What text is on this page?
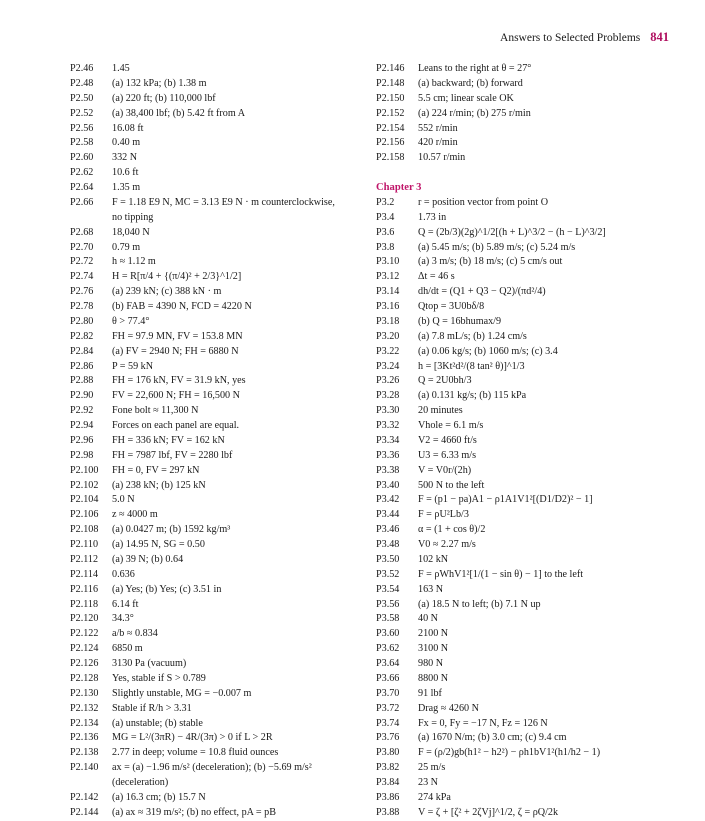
Answers to Selected Problems 841
P2.46	1.45
P2.48	(a) 132 kPa; (b) 1.38 m
P2.50	(a) 220 ft; (b) 110,000 lbf
P2.52	(a) 38,400 lbf; (b) 5.42 ft from A
P2.56	16.08 ft
P2.58	0.40 m
P2.60	332 N
P2.62	10.6 ft
P2.64	1.35 m
P2.66	F = 1.18 E9 N, MC = 3.13 E9 N · m counterclockwise,
no tipping
P2.68	18,040 N
P2.70	0.79 m
P2.72	h ≈ 1.12 m
P2.74	H = R[π/4 + {(π/4)² + 2/3}^1/2]
P2.76	(a) 239 kN; (c) 388 kN · m
P2.78	(b) FAB = 4390 N, FCD = 4220 N
P2.80	θ > 77.4°
P2.82	FH = 97.9 MN, FV = 153.8 MN
P2.84	(a) FV = 2940 N; FH = 6880 N
P2.86	P = 59 kN
P2.88	FH = 176 kN, FV = 31.9 kN, yes
P2.90	FV = 22,600 N; FH = 16,500 N
P2.92	Fone bolt ≈ 11,300 N
P2.94	Forces on each panel are equal.
P2.96	FH = 336 kN; FV = 162 kN
P2.98	FH = 7987 lbf, FV = 2280 lbf
P2.100	FH = 0, FV = 297 kN
P2.102	(a) 238 kN; (b) 125 kN
P2.104	5.0 N
P2.106	z ≈ 4000 m
P2.108	(a) 0.0427 m; (b) 1592 kg/m³
P2.110	(a) 14.95 N, SG = 0.50
P2.112	(a) 39 N; (b) 0.64
P2.114	0.636
P2.116	(a) Yes; (b) Yes; (c) 3.51 in
P2.118	6.14 ft
P2.120	34.3°
P2.122	a/b ≈ 0.834
P2.124	6850 m
P2.126	3130 Pa (vacuum)
P2.128	Yes, stable if S > 0.789
P2.130	Slightly unstable, MG = −0.007 m
P2.132	Stable if R/h > 3.31
P2.134	(a) unstable; (b) stable
P2.136	MG = L²/(3πR) − 4R/(3π) > 0 if L > 2R
P2.138	2.77 in deep; volume = 10.8 fluid ounces
P2.140	ax = (a) −1.96 m/s² (deceleration); (b) −5.69 m/s²
(deceleration)
P2.142	(a) 16.3 cm; (b) 15.7 N
P2.144	(a) ax ≈ 319 m/s²; (b) no effect, pA = pB
P2.146	Leans to the right at θ = 27°
P2.148	(a) backward; (b) forward
P2.150	5.5 cm; linear scale OK
P2.152	(a) 224 r/min; (b) 275 r/min
P2.154	552 r/min
P2.156	420 r/min
P2.158	10.57 r/min
Chapter 3
P3.2	r = position vector from point O
P3.4	1.73 in
P3.6	Q = (2b/3)(2g)^1/2[(h + L)^3/2 − (h − L)^3/2]
P3.8	(a) 5.45 m/s; (b) 5.89 m/s; (c) 5.24 m/s
P3.10	(a) 3 m/s; (b) 18 m/s; (c) 5 cm/s out
P3.12	Δt = 46 s
P3.14	dh/dt = (Q1 + Q3 − Q2)/(πd²/4)
P3.16	Qtop = 3U0bδ/8
P3.18	(b) Q = 16bhumax/9
P3.20	(a) 7.8 mL/s; (b) 1.24 cm/s
P3.22	(a) 0.06 kg/s; (b) 1060 m/s; (c) 3.4
P3.24	h = [3Kt²d²/(8 tan² θ)]^1/3
P3.26	Q = 2U0bh/3
P3.28	(a) 0.131 kg/s; (b) 115 kPa
P3.30	20 minutes
P3.32	Vhole = 6.1 m/s
P3.34	V2 = 4660 ft/s
P3.36	U3 = 6.33 m/s
P3.38	V = V0r/(2h)
P3.40	500 N to the left
P3.42	F = (p1 − pa)A1 − ρ1A1V1²[(D1/D2)² − 1]
P3.44	F = ρU²Lb/3
P3.46	α = (1 + cos θ)/2
P3.48	V0 ≈ 2.27 m/s
P3.50	102 kN
P3.52	F = ρWhV1²[1/(1 − sin θ) − 1] to the left
P3.54	163 N
P3.56	(a) 18.5 N to left; (b) 7.1 N up
P3.58	40 N
P3.60	2100 N
P3.62	3100 N
P3.64	980 N
P3.66	8800 N
P3.70	91 lbf
P3.72	Drag ≈ 4260 N
P3.74	Fx = 0, Fy = −17 N, Fz = 126 N
P3.76	(a) 1670 N/m; (b) 3.0 cm; (c) 9.4 cm
P3.80	F = (ρ/2)gb(h1² − h2²) − ρh1bV1²(h1/h2 − 1)
P3.82	25 m/s
P3.84	23 N
P3.86	274 kPa
P3.88	V = ζ + [ζ² + 2ζVj]^1/2, ζ = ρQ/2k
